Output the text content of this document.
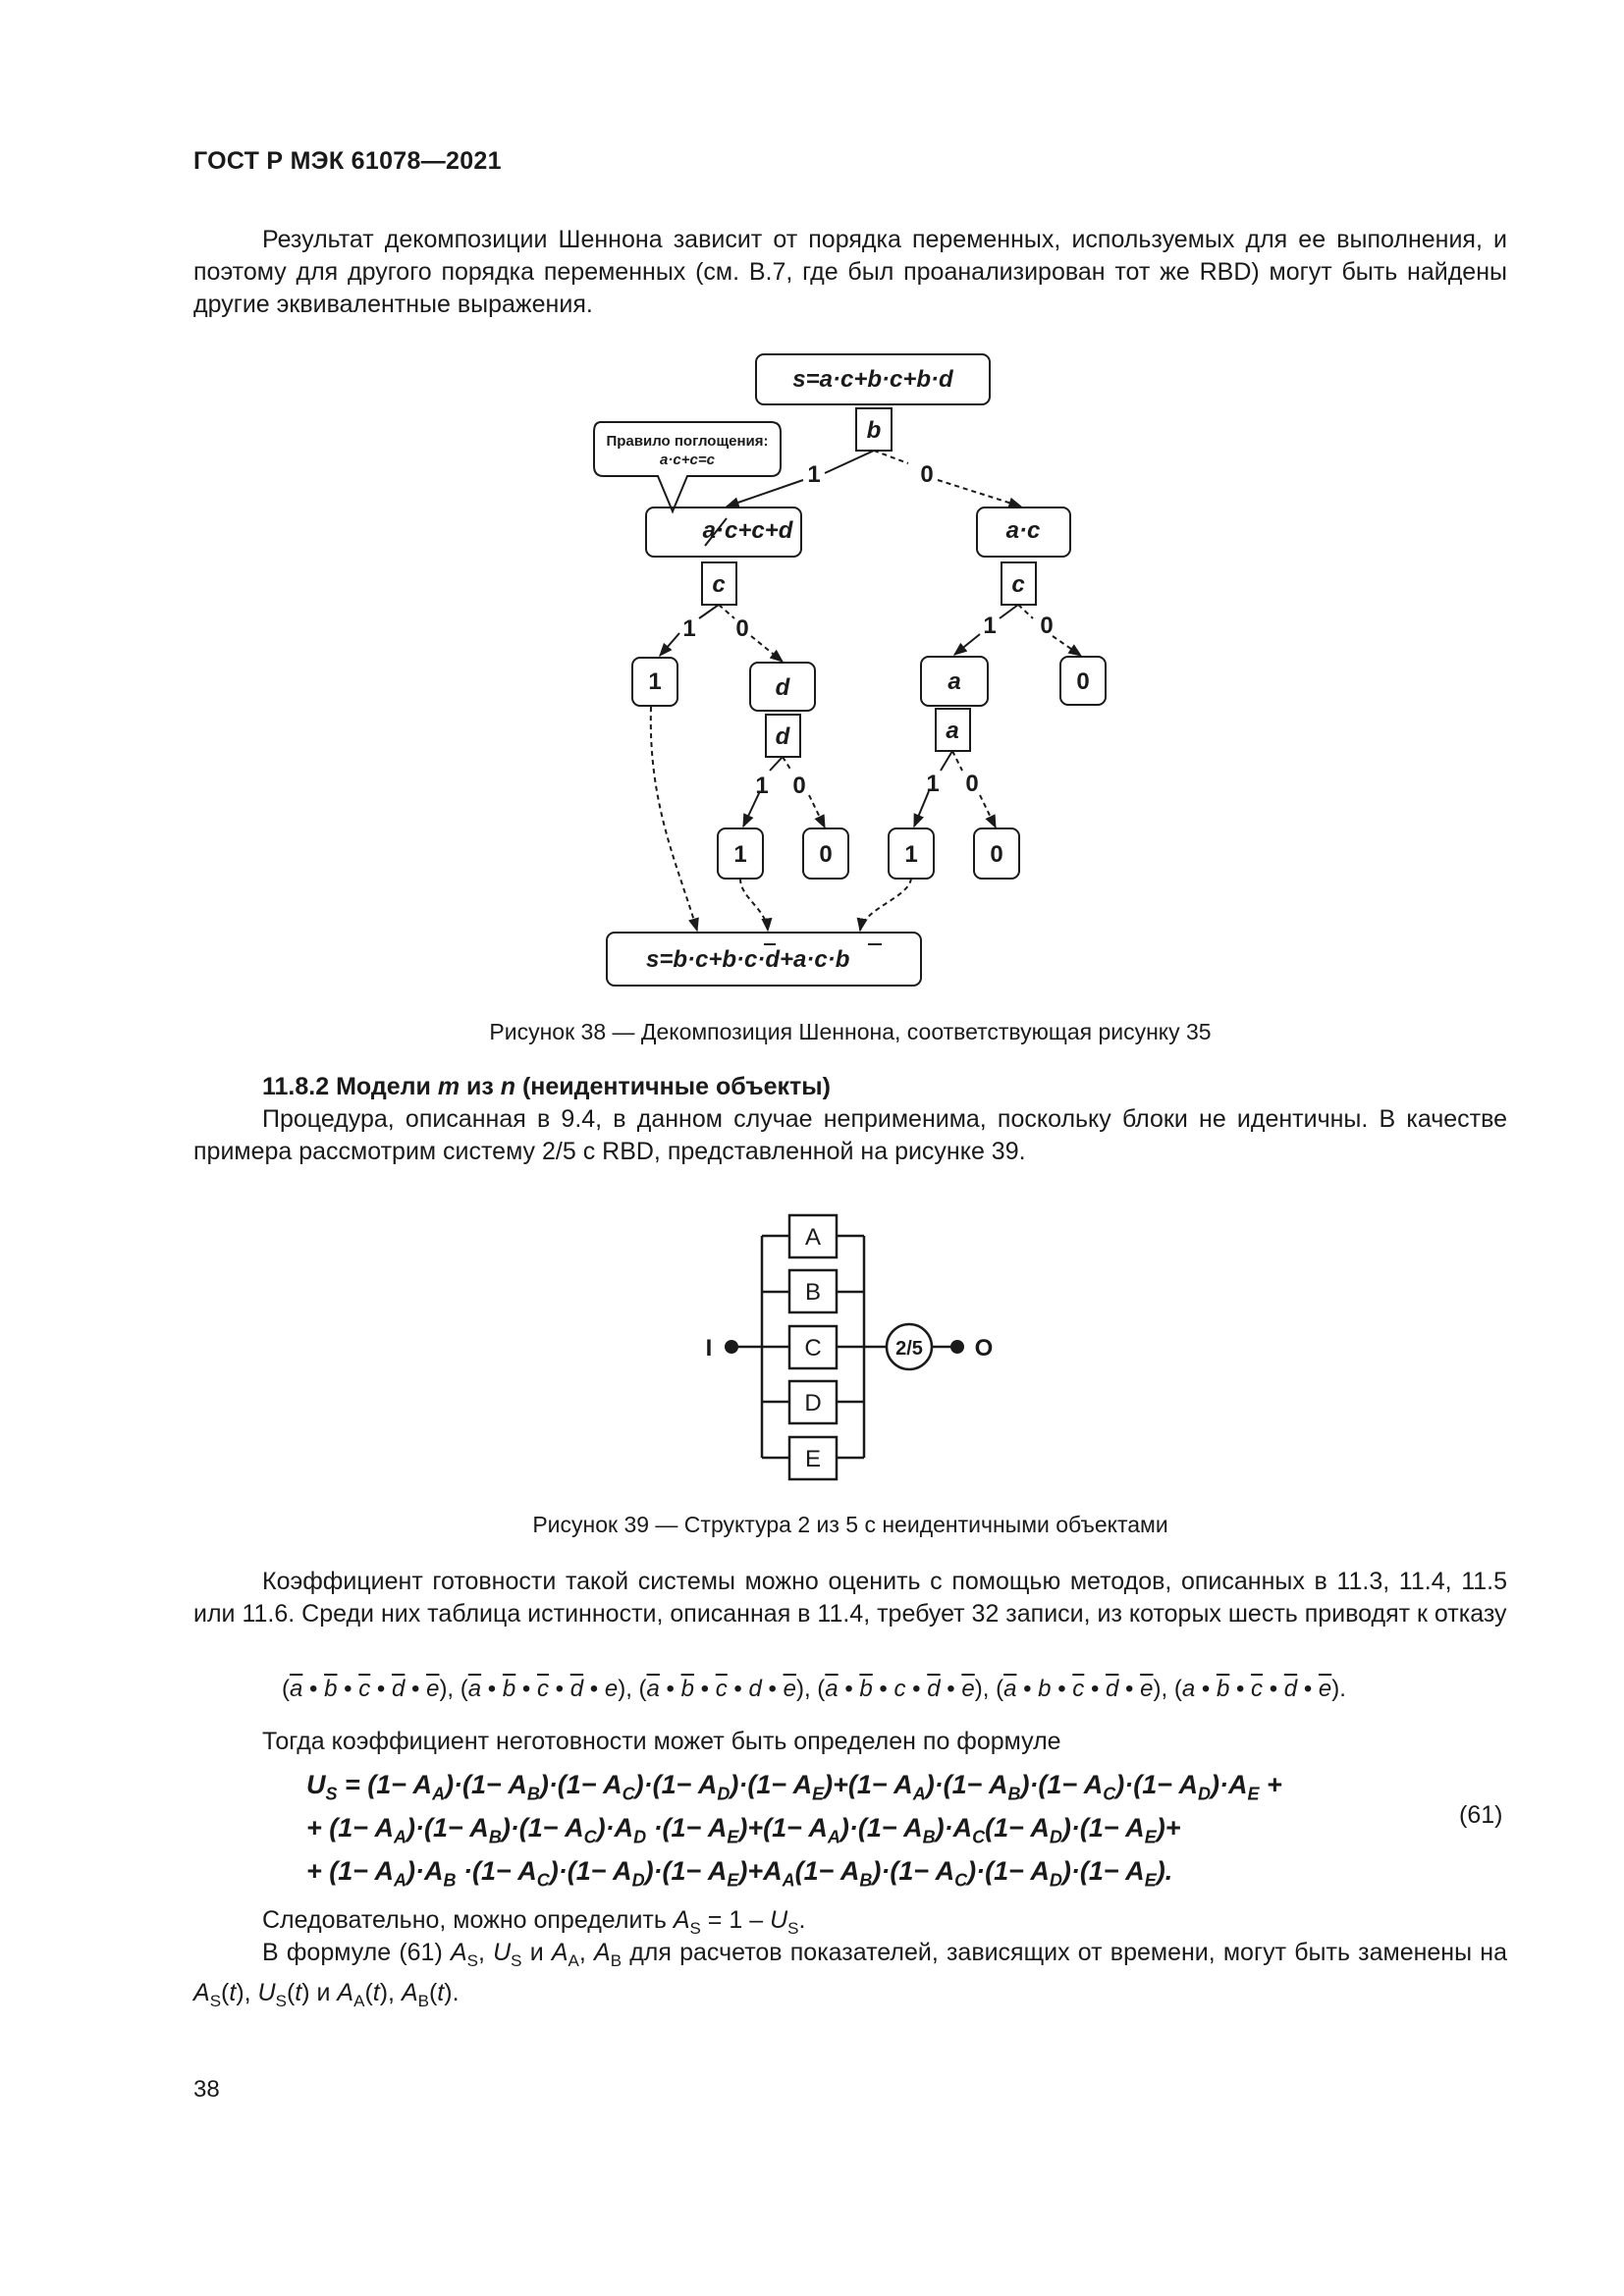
ГОСТ Р МЭК 61078—2021
Результат декомпозиции Шеннона зависит от порядка переменных, используемых для ее выполнения, и поэтому для другого порядка переменных (см. В.7, где был проанализирован тот же RBD) могут быть найдены другие эквивалентные выражения.
s=a·c+b·c+b·d
b
a· c+c+d	a·c
c	c
d	a
d	a
Правило поглощения:
a·c+c=c
1	0
1 0	1 0
1	0
1 0	1 0
1	0	1	0
s=b·c+b·c·d+a·c·b
Рисунок 38 — Декомпозиция Шеннона, соответствующая рисунку 35
11.8.2 Модели m из n (неидентичные объекты)
Процедура, описанная в 9.4, в данном случае неприменима, поскольку блоки не идентичны. В качестве примера рассмотрим систему 2/5 с RBD, представленной на рисунке 39.
A
B
C
D
E
I	O
2/5
Рисунок 39 — Структура 2 из 5 с неидентичными объектами
Коэффициент готовности такой системы можно оценить с помощью методов, описанных в 11.3, 11.4, 11.5 или 11.6. Среди них таблица истинности, описанная в 11.4, требует 32 записи, из которых шесть приводят к отказу
($\overline{a}$ • $\overline{b}$ • $\overline{c}$ • $\overline{d}$ • $\overline{e}$), ($\overline{a}$ • $\overline{b}$ • $\overline{c}$ • $\overline{d}$ • e), ($\overline{a}$ • $\overline{b}$ • $\overline{c}$ • d • $\overline{e}$), ($\overline{a}$ • $\overline{b}$ • c • $\overline{d}$ • $\overline{e}$), ($\overline{a}$ • b • $\overline{c}$ • $\overline{d}$ • $\overline{e}$), (a • $\overline{b}$ • $\overline{c}$ • $\overline{d}$ • $\overline{e}$).
Тогда коэффициент неготовности может быть определен по формуле
$U_S = (1- A_A)\cdot(1- A_B)\cdot(1- A_C)\cdot(1- A_D)\cdot(1- A_E)+(1- A_A)\cdot(1- A_B)\cdot(1- A_C)\cdot(1- A_D)\cdot A_E$ +
+ $(1- A_A)\cdot(1- A_B)\cdot(1- A_C)\cdot A_D \cdot(1- A_E)+(1- A_A)\cdot(1- A_B)\cdot A_C(1- A_D)\cdot(1- A_E)+$
+ $(1- A_A)\cdot A_B \cdot(1- A_C)\cdot(1- A_D)\cdot(1- A_E)+A_A(1- A_B)\cdot(1- A_C)\cdot(1- A_D)\cdot(1- A_E)$.
(61)
Следовательно, можно определить $A_S = 1 - U_S$.
В формуле (61) $A_S$, $U_S$ и $A_A$, $A_B$ для расчетов показателей, зависящих от времени, могут быть заменены на $A_S(t)$, $U_S(t)$ и $A_A(t)$, $A_B(t)$.
38
